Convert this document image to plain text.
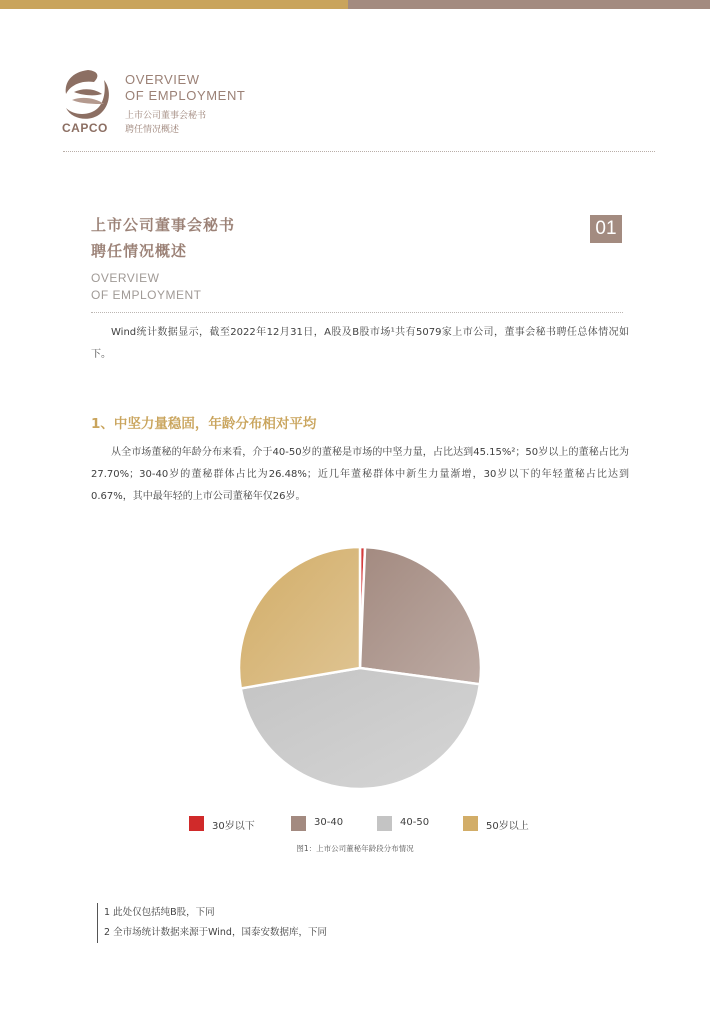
CAPCO
OVERVIEW
OF EMPLOYMENT
上市公司董事会秘书
聘任情况概述
上市公司董事会秘书
聘任情况概述
01
OVERVIEW
OF EMPLOYMENT
Wind统计数据显示，截至2022年12月31日，A股及B股市场¹共有5079家上市公司，董事会秘书聘任总体情况如下。
1、中坚力量稳固，年龄分布相对平均
从全市场董秘的年龄分布来看，介于40-50岁的董秘是市场的中坚力量，占比达到45.15%²；50岁以上的董秘占比为27.70%；30-40岁的董秘群体占比为26.48%；近几年董秘群体中新生力量渐增，30岁以下的年轻董秘占比达到0.67%，其中最年轻的上市公司董秘年仅26岁。
30岁以下	30-40	40-50	50岁以上
图1：上市公司董秘年龄段分布情况
1 此处仅包括纯B股，下同
2 全市场统计数据来源于Wind，国泰安数据库，下同
